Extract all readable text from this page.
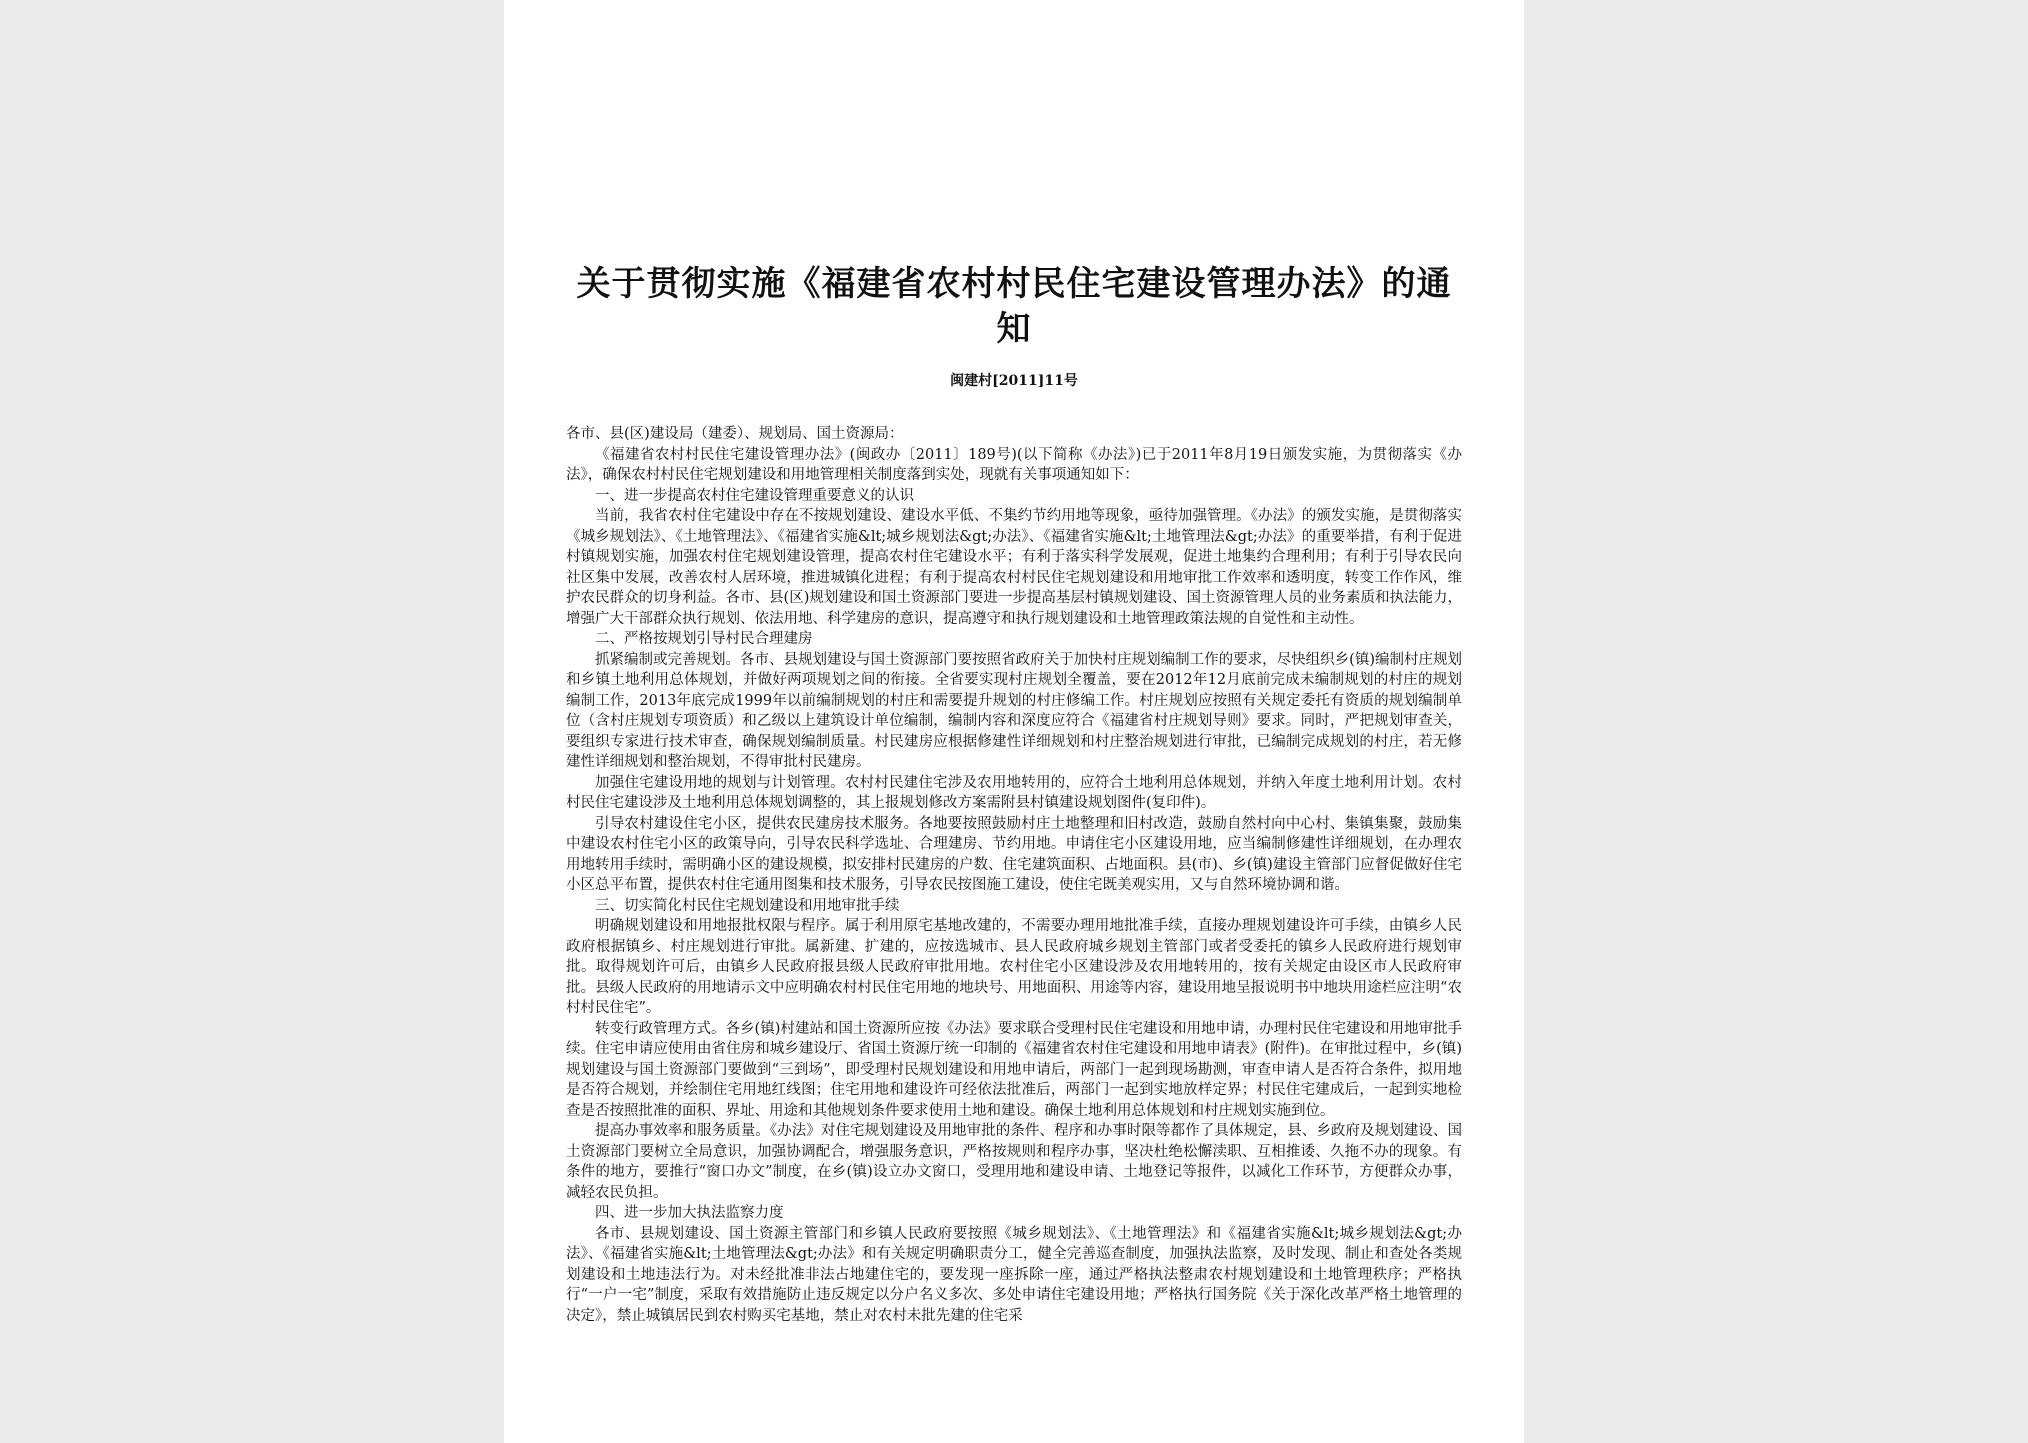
关于贯彻实施《福建省农村村民住宅建设管理办法》的通知
闽建村[2011]11号

各市、县(区)建设局（建委）、规划局、国土资源局：

《福建省农村村民住宅建设管理办法》(闽政办〔2011〕189号)(以下简称《办法》)已于2011年8月19日颁发实施，为贯彻落实《办法》，确保农村村民住宅规划建设和用地管理相关制度落到实处，现就有关事项通知如下：

一、进一步提高农村住宅建设管理重要意义的认识

当前，我省农村住宅建设中存在不按规划建设、建设水平低、不集约节约用地等现象，亟待加强管理。《办法》的颁发实施，是贯彻落实《城乡规划法》、《土地管理法》、《福建省实施&lt;城乡规划法&gt;办法》、《福建省实施&lt;土地管理法&gt;办法》的重要举措，有利于促进村镇规划实施，加强农村住宅规划建设管理，提高农村住宅建设水平；有利于落实科学发展观，促进土地集约合理利用；有利于引导农民向社区集中发展，改善农村人居环境，推进城镇化进程；有利于提高农村村民住宅规划建设和用地审批工作效率和透明度，转变工作作风，维护农民群众的切身利益。各市、县(区)规划建设和国土资源部门要进一步提高基层村镇规划建设、国土资源管理人员的业务素质和执法能力，增强广大干部群众执行规划、依法用地、科学建房的意识，提高遵守和执行规划建设和土地管理政策法规的自觉性和主动性。

二、严格按规划引导村民合理建房

抓紧编制或完善规划。各市、县规划建设与国土资源部门要按照省政府关于加快村庄规划编制工作的要求，尽快组织乡(镇)编制村庄规划和乡镇土地利用总体规划，并做好两项规划之间的衔接。全省要实现村庄规划全覆盖，要在2012年12月底前完成未编制规划的村庄的规划编制工作，2013年底完成1999年以前编制规划的村庄和需要提升规划的村庄修编工作。村庄规划应按照有关规定委托有资质的规划编制单位（含村庄规划专项资质）和乙级以上建筑设计单位编制，编制内容和深度应符合《福建省村庄规划导则》要求。同时，严把规划审查关，要组织专家进行技术审查，确保规划编制质量。村民建房应根据修建性详细规划和村庄整治规划进行审批，已编制完成规划的村庄，若无修建性详细规划和整治规划，不得审批村民建房。

加强住宅建设用地的规划与计划管理。农村村民建住宅涉及农用地转用的，应符合土地利用总体规划，并纳入年度土地利用计划。农村村民住宅建设涉及土地利用总体规划调整的，其上报规划修改方案需附县村镇建设规划图件(复印件)。

引导农村建设住宅小区，提供农民建房技术服务。各地要按照鼓励村庄土地整理和旧村改造，鼓励自然村向中心村、集镇集聚，鼓励集中建设农村住宅小区的政策导向，引导农民科学选址、合理建房、节约用地。申请住宅小区建设用地，应当编制修建性详细规划，在办理农用地转用手续时，需明确小区的建设规模，拟安排村民建房的户数、住宅建筑面积、占地面积。县(市)、乡(镇)建设主管部门应督促做好住宅小区总平布置，提供农村住宅通用图集和技术服务，引导农民按图施工建设，使住宅既美观实用，又与自然环境协调和谐。

三、切实简化村民住宅规划建设和用地审批手续

明确规划建设和用地报批权限与程序。属于利用原宅基地改建的，不需要办理用地批准手续，直接办理规划建设许可手续，由镇乡人民政府根据镇乡、村庄规划进行审批。属新建、扩建的，应按选城市、县人民政府城乡规划主管部门或者受委托的镇乡人民政府进行规划审批。取得规划许可后，由镇乡人民政府报县级人民政府审批用地。农村住宅小区建设涉及农用地转用的，按有关规定由设区市人民政府审批。县级人民政府的用地请示文中应明确农村村民住宅用地的地块号、用地面积、用途等内容，建设用地呈报说明书中地块用途栏应注明“农村村民住宅”。

转变行政管理方式。各乡(镇)村建站和国土资源所应按《办法》要求联合受理村民住宅建设和用地申请，办理村民住宅建设和用地审批手续。住宅申请应使用由省住房和城乡建设厅、省国土资源厅统一印制的《福建省农村住宅建设和用地申请表》(附件)。在审批过程中，乡(镇)规划建设与国土资源部门要做到“三到场”，即受理村民规划建设和用地申请后，两部门一起到现场勘测，审查申请人是否符合条件，拟用地是否符合规划，并绘制住宅用地红线图；住宅用地和建设许可经依法批准后，两部门一起到实地放样定界；村民住宅建成后，一起到实地检查是否按照批准的面积、界址、用途和其他规划条件要求使用土地和建设。确保土地利用总体规划和村庄规划实施到位。

提高办事效率和服务质量。《办法》对住宅规划建设及用地审批的条件、程序和办事时限等都作了具体规定，县、乡政府及规划建设、国土资源部门要树立全局意识，加强协调配合，增强服务意识，严格按规则和程序办事，坚决杜绝松懈渎职、互相推诿、久拖不办的现象。有条件的地方，要推行“窗口办文”制度，在乡(镇)设立办文窗口，受理用地和建设申请、土地登记等报件，以减化工作环节，方便群众办事，减轻农民负担。

四、进一步加大执法监察力度

各市、县规划建设、国土资源主管部门和乡镇人民政府要按照《城乡规划法》、《土地管理法》和《福建省实施&lt;城乡规划法&gt;办法》、《福建省实施&lt;土地管理法&gt;办法》和有关规定明确职责分工，健全完善巡查制度，加强执法监察，及时发现、制止和查处各类规划建设和土地违法行为。对未经批准非法占地建住宅的，要发现一座拆除一座，通过严格执法整肃农村规划建设和土地管理秩序；严格执行“一户一宅”制度，采取有效措施防止违反规定以分户名义多次、多处申请住宅建设用地；严格执行国务院《关于深化改革严格土地管理的决定》，禁止城镇居民到农村购买宅基地，禁止对农村未批先建的住宅采
